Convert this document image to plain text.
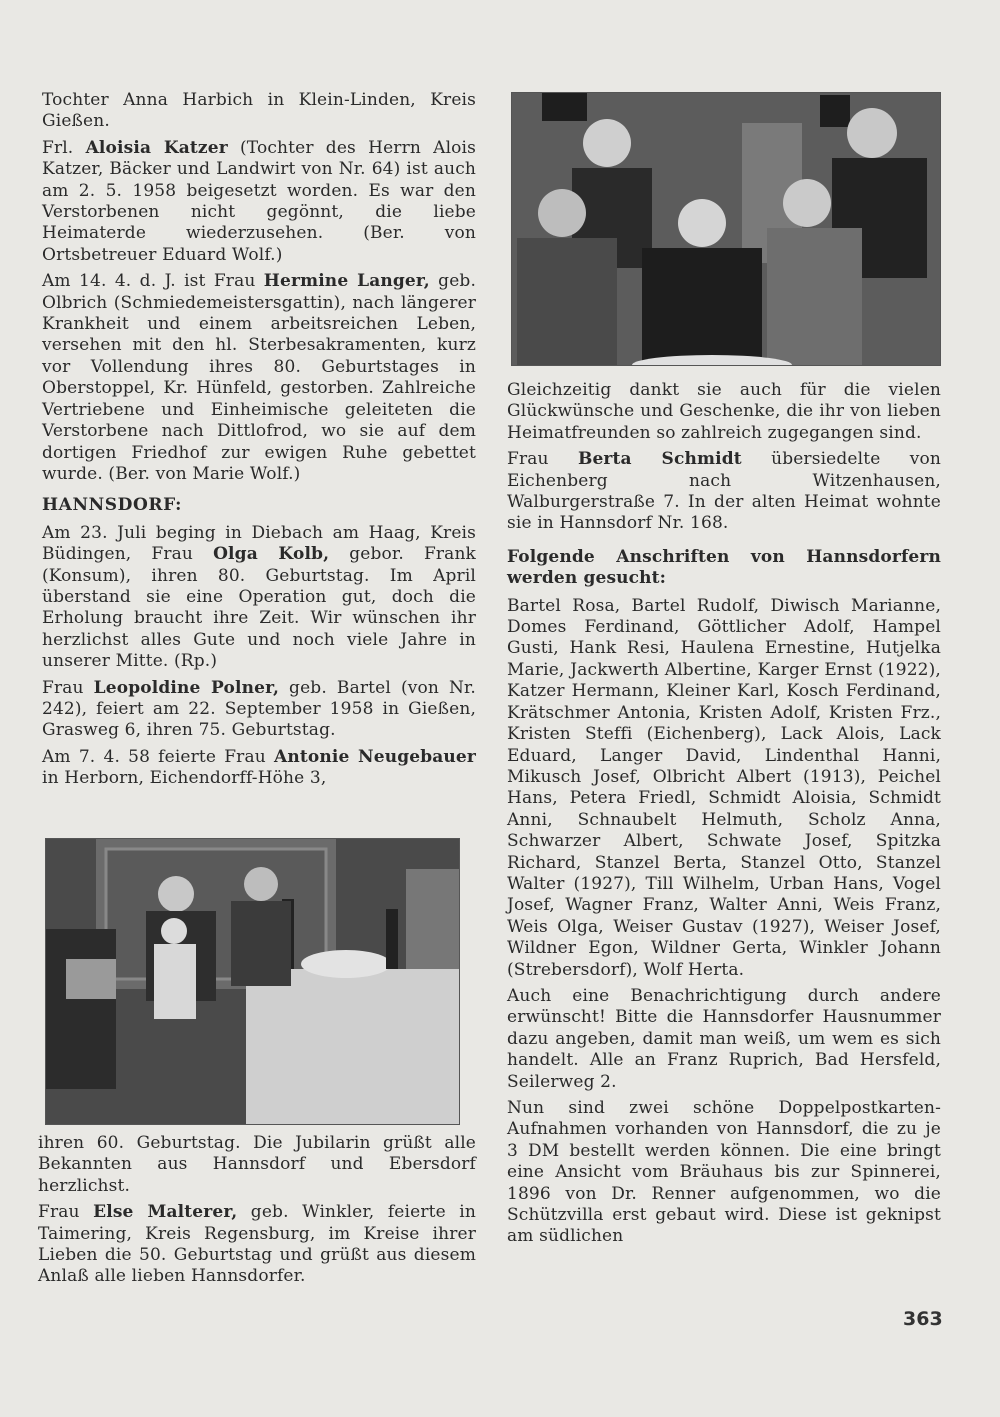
Tochter Anna Harbich in Klein-Linden, Kreis Gießen.

Frl. Aloisia Katzer (Tochter des Herrn Alois Katzer, Bäcker und Landwirt von Nr. 64) ist auch am 2. 5. 1958 beigesetzt worden. Es war den Verstorbenen nicht gegönnt, die liebe Heimaterde wiederzusehen. (Ber. von Ortsbetreuer Eduard Wolf.)

Am 14. 4. d. J. ist Frau Hermine Langer, geb. Olbrich (Schmiedemeistersgattin), nach längerer Krankheit und einem arbeitsreichen Leben, versehen mit den hl. Sterbesakramenten, kurz vor Vollendung ihres 80. Geburtstages in Oberstoppel, Kr. Hünfeld, gestorben. Zahlreiche Vertriebene und Einheimische geleiteten die Verstorbene nach Dittlofrod, wo sie auf dem dortigen Friedhof zur ewigen Ruhe gebettet wurde. (Ber. von Marie Wolf.)

HANNSDORF:

Am 23. Juli beging in Diebach am Haag, Kreis Büdingen, Frau Olga Kolb, gebor. Frank (Konsum), ihren 80. Geburtstag. Im April überstand sie eine Operation gut, doch die Erholung braucht ihre Zeit. Wir wünschen ihr herzlichst alles Gute und noch viele Jahre in unserer Mitte. (Rp.)

Frau Leopoldine Polner, geb. Bartel (von Nr. 242), feiert am 22. September 1958 in Gießen, Grasweg 6, ihren 75. Geburtstag.

Am 7. 4. 58 feierte Frau Antonie Neugebauer in Herborn, Eichendorff-Höhe 3,

ihren 60. Geburtstag. Die Jubilarin grüßt alle Bekannten aus Hannsdorf und Ebersdorf herzlichst.

Frau Else Malterer, geb. Winkler, feierte in Taimering, Kreis Regensburg, im Kreise ihrer Lieben die 50. Geburtstag und grüßt aus diesem Anlaß alle lieben Hannsdorfer.

Gleichzeitig dankt sie auch für die vielen Glückwünsche und Geschenke, die ihr von lieben Heimatfreunden so zahlreich zugegangen sind.

Frau Berta Schmidt übersiedelte von Eichenberg nach Witzenhausen, Walburgerstraße 7. In der alten Heimat wohnte sie in Hannsdorf Nr. 168.

Folgende Anschriften von Hannsdorfern werden gesucht:

Bartel Rosa, Bartel Rudolf, Diwisch Marianne, Domes Ferdinand, Göttlicher Adolf, Hampel Gusti, Hank Resi, Haulena Ernestine, Hutjelka Marie, Jackwerth Albertine, Karger Ernst (1922), Katzer Hermann, Kleiner Karl, Kosch Ferdinand, Krätschmer Antonia, Kristen Adolf, Kristen Frz., Kristen Steffi (Eichenberg), Lack Alois, Lack Eduard, Langer David, Lindenthal Hanni, Mikusch Josef, Olbricht Albert (1913), Peichel Hans, Petera Friedl, Schmidt Aloisia, Schmidt Anni, Schnaubelt Helmuth, Scholz Anna, Schwarzer Albert, Schwate Josef, Spitzka Richard, Stanzel Berta, Stanzel Otto, Stanzel Walter (1927), Till Wilhelm, Urban Hans, Vogel Josef, Wagner Franz, Walter Anni, Weis Franz, Weis Olga, Weiser Gustav (1927), Weiser Josef, Wildner Egon, Wildner Gerta, Winkler Johann (Strebersdorf), Wolf Herta.

Auch eine Benachrichtigung durch andere erwünscht! Bitte die Hannsdorfer Hausnummer dazu angeben, damit man weiß, um wem es sich handelt. Alle an Franz Ruprich, Bad Hersfeld, Seilerweg 2.

Nun sind zwei schöne Doppelpostkarten-Aufnahmen vorhanden von Hannsdorf, die zu je 3 DM bestellt werden können. Die eine bringt eine Ansicht vom Bräuhaus bis zur Spinnerei, 1896 von Dr. Renner aufgenommen, wo die Schützvilla erst gebaut wird. Diese ist geknipst am südlichen

363
